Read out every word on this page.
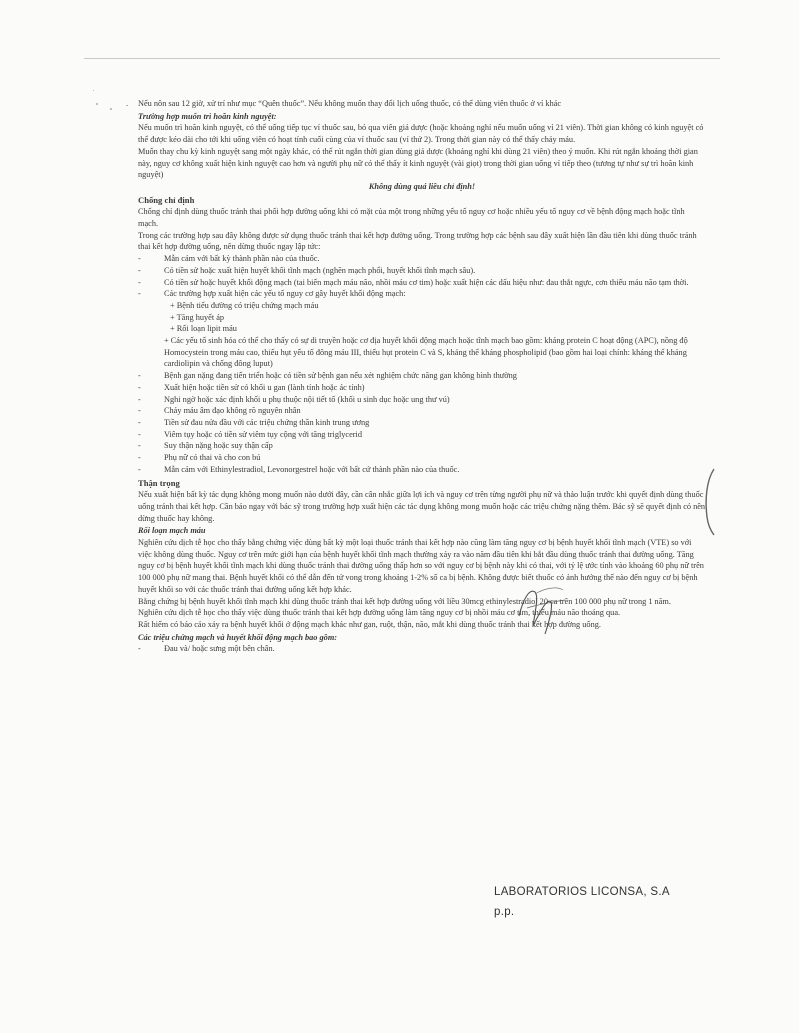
. Nếu nôn sau 12 giờ, xử trí như mục “Quên thuốc”. Nếu không muốn thay đổi lịch uống thuốc, có thể dùng viên thuốc ở vỉ khác

Trường hợp muốn trì hoãn kinh nguyệt:

Nếu muốn trì hoãn kinh nguyệt, có thể uống tiếp tục vỉ thuốc sau, bỏ qua viên giả dược (hoặc khoảng nghỉ nếu muốn uống vỉ 21 viên). Thời gian không có kinh nguyệt có thể được kéo dài cho tới khi uống viên có hoạt tính cuối cùng của vỉ thuốc sau (vỉ thứ 2). Trong thời gian này có thể thấy chảy máu.

Muốn thay chu kỳ kinh nguyệt sang một ngày khác, có thể rút ngắn thời gian dùng giả dược (khoảng nghỉ khi dùng 21 viên) theo ý muốn. Khi rút ngắn khoảng thời gian này, nguy cơ không xuất hiện kinh nguyệt cao hơn và người phụ nữ có thể thấy ít kinh nguyệt (vài giọt) trong thời gian uống vỉ tiếp theo (tương tự như sự trì hoãn kinh nguyệt)

Không dùng quá liều chỉ định!

Chống chỉ định

Chống chỉ định dùng thuốc tránh thai phối hợp đường uống khi có mặt của một trong những yếu tố nguy cơ hoặc nhiều yếu tố nguy cơ về bệnh động mạch hoặc tĩnh mạch.

Trong các trường hợp sau đây không được sử dụng thuốc tránh thai kết hợp đường uống. Trong trường hợp các bệnh sau đây xuất hiện lần đầu tiên khi dùng thuốc tránh thai kết hợp đường uống, nên dừng thuốc ngay lập tức:

- Mẫn cảm với bất kỳ thành phần nào của thuốc.

- Có tiền sử hoặc xuất hiện huyết khối tĩnh mạch (nghẽn mạch phổi, huyết khối tĩnh mạch sâu).

- Có tiền sử hoặc huyết khối động mạch (tai biến mạch máu não, nhồi máu cơ tim) hoặc xuất hiện các dấu hiệu như: đau thắt ngực, cơn thiếu máu não tạm thời.

- Các trường hợp xuất hiện các yếu tố nguy cơ gây huyết khối động mạch:

+ Bệnh tiểu đường có triệu chứng mạch máu

+ Tăng huyết áp

+ Rối loạn lipit máu

+ Các yếu tố sinh hóa có thể cho thấy có sự di truyền hoặc cơ địa huyết khối động mạch hoặc tĩnh mạch bao gồm: kháng protein C hoạt động (APC), nồng độ Homocystein trong máu cao, thiếu hụt yếu tố đông máu III, thiếu hụt protein C và S, kháng thể kháng phospholipid (bao gồm hai loại chính: kháng thể kháng cardiolipin và chống đông luput)

- Bệnh gan nặng đang tiến triển hoặc có tiền sử bệnh gan nếu xét nghiệm chức năng gan không bình thường

- Xuất hiện hoặc tiền sử có khối u gan (lành tính hoặc ác tính)

- Nghi ngờ hoặc xác định khối u phụ thuộc nội tiết tố (khối u sinh dục hoặc ung thư vú)

- Chảy máu âm đạo không rõ nguyên nhân

- Tiền sử đau nửa đầu với các triệu chứng thần kinh trung ương

- Viêm tụy hoặc có tiền sử viêm tụy cộng với tăng triglycerid

- Suy thận nặng hoặc suy thận cấp

- Phụ nữ có thai và cho con bú

- Mẫn cảm với Ethinylestradiol, Levonorgestrel hoặc với bất cứ thành phần nào của thuốc.

Thận trọng

Nếu xuất hiện bất kỳ tác dụng không mong muốn nào dưới đây, cần cân nhắc giữa lợi ích và nguy cơ trên từng người phụ nữ và thảo luận trước khi quyết định dùng thuốc uống tránh thai kết hợp. Cần báo ngay với bác sỹ trong trường hợp xuất hiện các tác dụng không mong muốn hoặc các triệu chứng nặng thêm. Bác sỹ sẽ quyết định có nên dừng thuốc hay không.

Rối loạn mạch máu

Nghiên cứu dịch tễ học cho thấy bằng chứng việc dùng bất kỳ một loại thuốc tránh thai kết hợp nào cũng làm tăng nguy cơ bị bệnh huyết khối tĩnh mạch (VTE) so với việc không dùng thuốc. Nguy cơ trên mức giới hạn của bệnh huyết khối tĩnh mạch thường xảy ra vào năm đầu tiên khi bắt đầu dùng thuốc tránh thai đường uống. Tăng nguy cơ bị bệnh huyết khối tĩnh mạch khi dùng thuốc tránh thai đường uống thấp hơn so với nguy cơ bị bệnh này khi có thai, với tỷ lệ ước tính vào khoảng 60 phụ nữ trên 100 000 phụ nữ mang thai. Bệnh huyết khối có thể dẫn đến tử vong trong khoảng 1-2% số ca bị bệnh. Không được biết thuốc có ảnh hưởng thế nào đến nguy cơ bị bệnh huyết khối so với các thuốc tránh thai đường uống kết hợp khác.

Bằng chứng bị bệnh huyết khối tĩnh mạch khi dùng thuốc tránh thai kết hợp đường uống với liều 30mcg ethinylestradiol 20 ca trên 100 000 phụ nữ trong 1 năm.

Nghiên cứu dịch tễ học cho thấy việc dùng thuốc tránh thai kết hợp đường uống làm tăng nguy cơ bị nhồi máu cơ tim, thiếu máu não thoáng qua.

Rất hiếm có báo cáo xảy ra bệnh huyết khối ở động mạch khác như gan, ruột, thận, não, mắt khi dùng thuốc tránh thai kết hợp đường uống.

Các triệu chứng mạch và huyết khối động mạch bao gồm:

- Đau và/ hoặc sưng một bên chân.

LABORATORIOS LICONSA, S.A
p.p.
